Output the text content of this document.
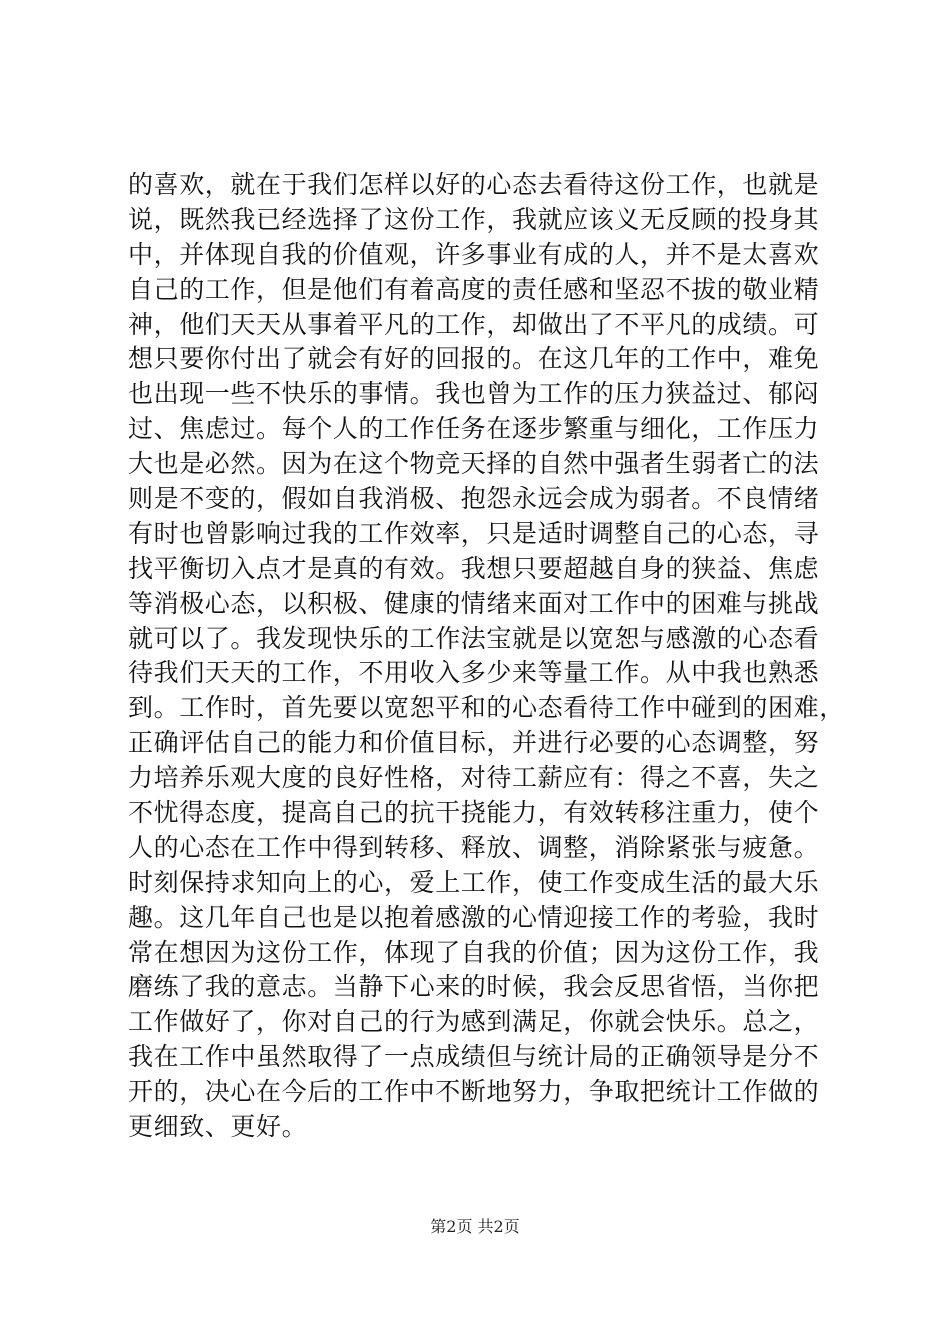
的喜欢，就在于我们怎样以好的心态去看待这份工作，也就是
说，既然我已经选择了这份工作，我就应该义无反顾的投身其
中，并体现自我的价值观，许多事业有成的人，并不是太喜欢
自己的工作，但是他们有着高度的责任感和坚忍不拔的敬业精
神，他们天天从事着平凡的工作，却做出了不平凡的成绩。可
想只要你付出了就会有好的回报的。在这几年的工作中，难免
也出现一些不快乐的事情。我也曾为工作的压力狭益过、郁闷
过、焦虑过。每个人的工作任务在逐步繁重与细化，工作压力
大也是必然。因为在这个物竞天择的自然中强者生弱者亡的法
则是不变的，假如自我消极、抱怨永远会成为弱者。不良情绪
有时也曾影响过我的工作效率，只是适时调整自己的心态，寻
找平衡切入点才是真的有效。我想只要超越自身的狭益、焦虑
等消极心态，以积极、健康的情绪来面对工作中的困难与挑战
就可以了。我发现快乐的工作法宝就是以宽恕与感激的心态看
待我们天天的工作，不用收入多少来等量工作。从中我也熟悉
到。工作时，首先要以宽恕平和的心态看待工作中碰到的困难，
正确评估自己的能力和价值目标，并进行必要的心态调整，努
力培养乐观大度的良好性格，对待工薪应有：得之不喜，失之
不忧得态度，提高自己的抗干挠能力，有效转移注重力，使个
人的心态在工作中得到转移、释放、调整，消除紧张与疲惫。
时刻保持求知向上的心，爱上工作，使工作变成生活的最大乐
趣。这几年自己也是以抱着感激的心情迎接工作的考验，我时
常在想因为这份工作，体现了自我的价值；因为这份工作，我
磨练了我的意志。当静下心来的时候，我会反思省悟，当你把
工作做好了，你对自己的行为感到满足，你就会快乐。总之，
我在工作中虽然取得了一点成绩但与统计局的正确领导是分不
开的，决心在今后的工作中不断地努力，争取把统计工作做的
更细致、更好。
第2页 共2页
